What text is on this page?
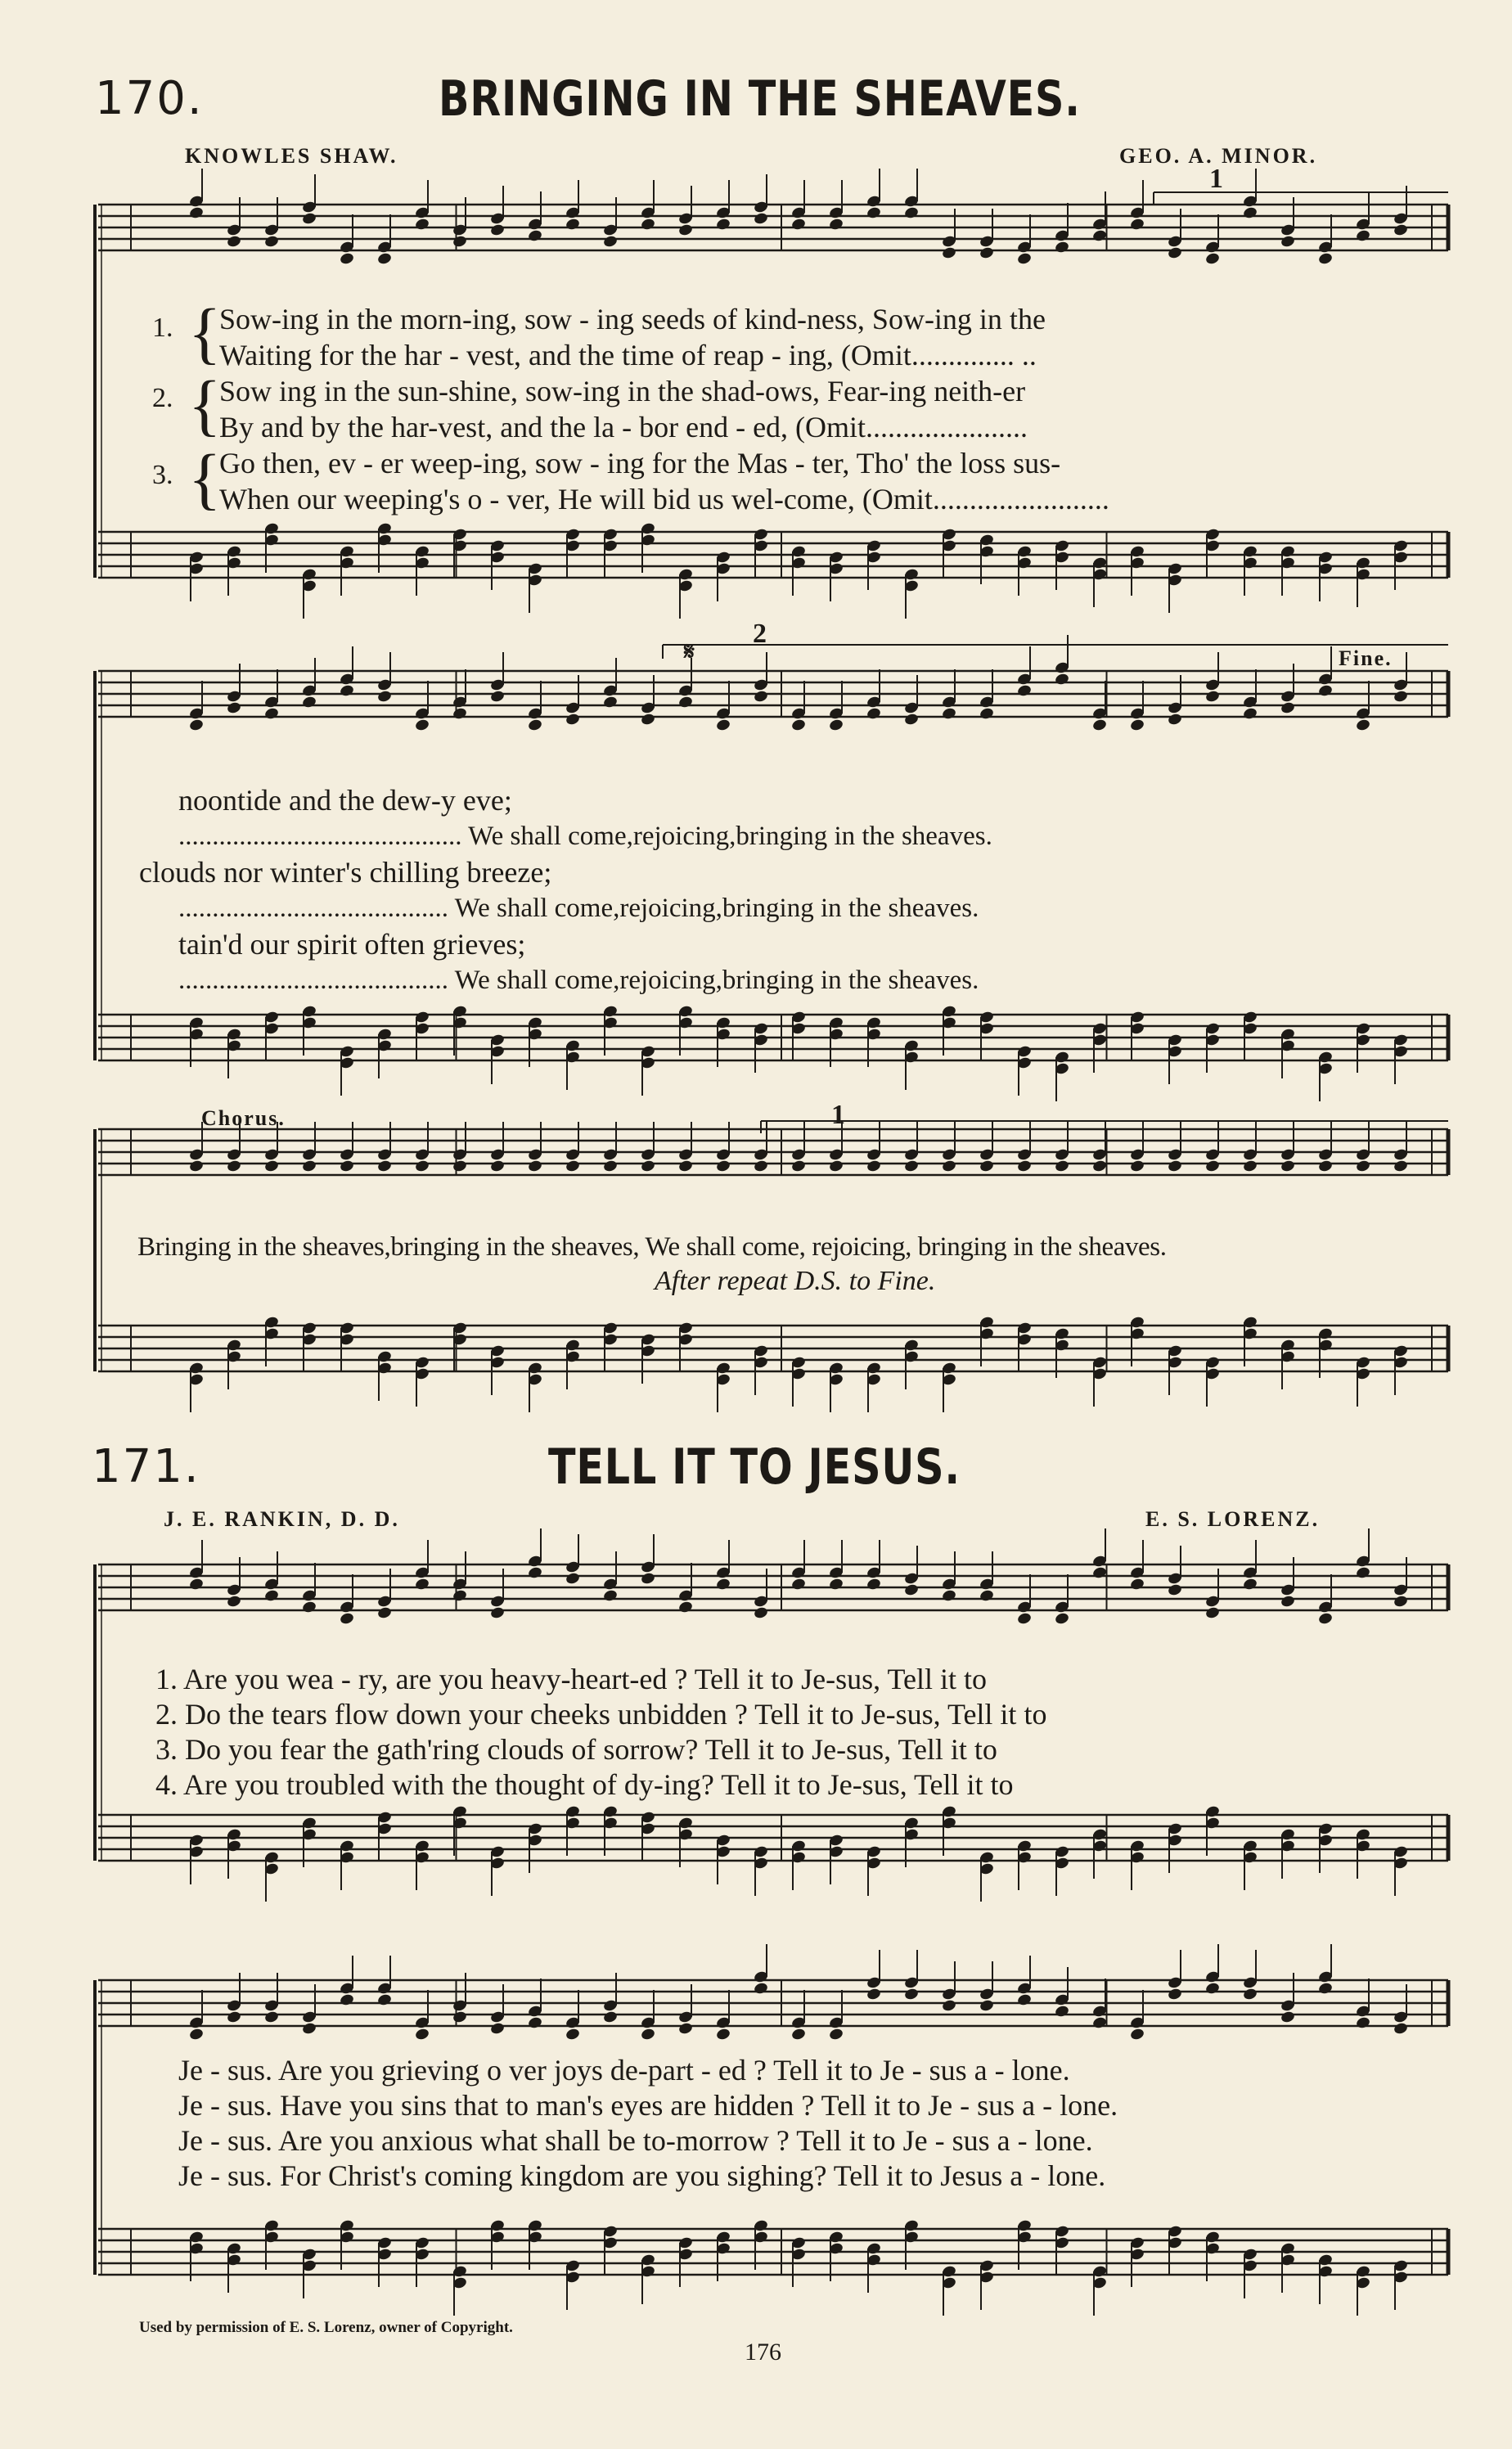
170.	BRINGING IN THE SHEAVES.
KNOWLES SHAW.	GEO. A. MINOR.
1
2
𝄋	Fine.
Chorus.	1
1.
2.
3.
{
{
{
Sow-ing in the morn-ing, sow - ing seeds of kind-ness, Sow-ing in the
Waiting for the har - vest, and the time of reap - ing, (Omit.............. ..
Sow ing in the sun-shine, sow-ing in the shad-ows, Fear-ing neith-er
By and by the har-vest, and the la - bor end - ed, (Omit......................
Go then, ev - er weep-ing, sow - ing for the Mas - ter, Tho' the loss sus-
When our weeping's o - ver, He will bid us wel-come, (Omit........................
noontide and the dew-y eve;
.......................................... We shall come,rejoicing,bringing in the sheaves.
clouds nor winter's chilling breeze;
........................................ We shall come,rejoicing,bringing in the sheaves.
tain'd our spirit often grieves;
........................................ We shall come,rejoicing,bringing in the sheaves.
Bringing in the sheaves,bringing in the sheaves, We shall come, rejoicing, bringing in the sheaves.
After repeat D.S. to Fine.
171.	TELL IT TO JESUS.
J. E. RANKIN, D. D.	E. S. LORENZ.
1. Are you wea - ry, are you heavy-heart-ed ? Tell it to Je-sus, Tell it to
2. Do the tears flow down your cheeks unbidden ? Tell it to Je-sus, Tell it to
3. Do you fear the gath'ring clouds of sorrow? Tell it to Je-sus, Tell it to
4. Are you troubled with the thought of dy-ing? Tell it to Je-sus, Tell it to
Je - sus. Are you grieving o ver joys de-part - ed ? Tell it to Je - sus a - lone.
Je - sus. Have you sins that to man's eyes are hidden ? Tell it to Je - sus a - lone.
Je - sus. Are you anxious what shall be to-morrow ? Tell it to Je - sus a - lone.
Je - sus. For Christ's coming kingdom are you sighing? Tell it to Jesus a - lone.
Used by permission of E. S. Lorenz, owner of Copyright.
176
